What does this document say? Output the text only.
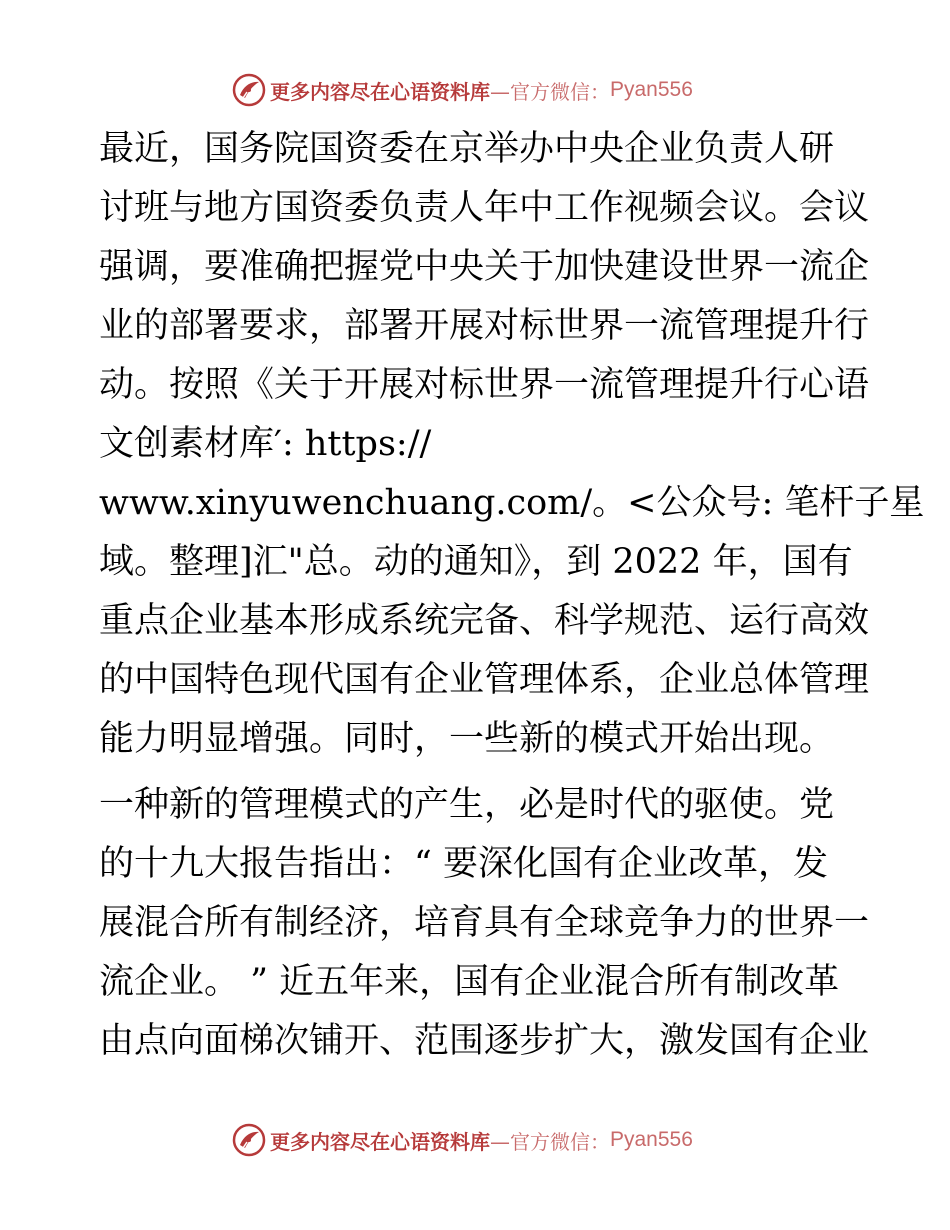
更多内容尽在心语资料库 —官方微信： Pyan556
最近，国务院国资委在京举办中央企业负责人研
讨班与地方国资委负责人年中工作视频会议。会议
强调，要准确把握党中央关于加快建设世界一流企
业的部署要求，部署开展对标世界一流管理提升行
动。按照《关于开展对标世界一流管理提升行心语
文创素材库′: https://
www.xinyuwenchuang.com/。<公众号: 笔杆子星
域。整理]汇"总。动的通知》，到 2022 年，国有
重点企业基本形成系统完备、科学规范、运行高效
的中国特色现代国有企业管理体系，企业总体管理
能力明显增强。同时，一些新的模式开始出现。
一种新的管理模式的产生，必是时代的驱使。党
的十九大报告指出：“ 要深化国有企业改革，发
展混合所有制经济，培育具有全球竞争力的世界一
流企业。 ” 近五年来，国有企业混合所有制改革
由点向面梯次铺开、范围逐步扩大，激发国有企业
更多内容尽在心语资料库 —官方微信： Pyan556
